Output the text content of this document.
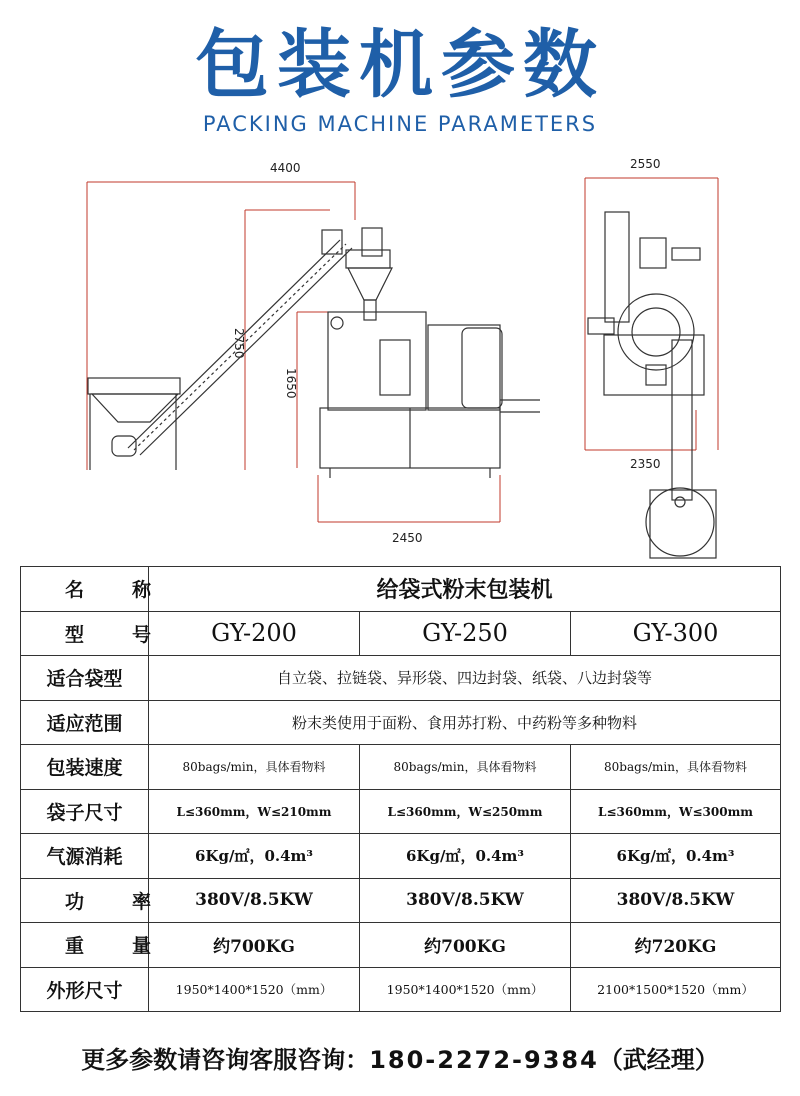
包装机参数
PACKING MACHINE PARAMETERS
4400
2750
1650
2450
2550
2350
名称	给袋式粉末包装机		
型号	GY-200	GY-250	GY-300
适合袋型	自立袋、拉链袋、异形袋、四边封袋、纸袋、八边封袋等		
适应范围	粉末类使用于面粉、食用苏打粉、中药粉等多种物料		
包装速度	80bags/min，具体看物料	80bags/min，具体看物料	80bags/min，具体看物料
袋子尺寸	L≤360mm，W≤210mm	L≤360mm，W≤250mm	L≤360mm，W≤300mm
气源消耗	6Kg/㎡，0.4m³	6Kg/㎡，0.4m³	6Kg/㎡，0.4m³
功率	380V/8.5KW	380V/8.5KW	380V/8.5KW
重量	约700KG	约700KG	约720KG
外形尺寸	1950*1400*1520（mm）	1950*1400*1520（mm）	2100*1500*1520（mm）
更多参数请咨询客服咨询：180-2272-9384（武经理）
